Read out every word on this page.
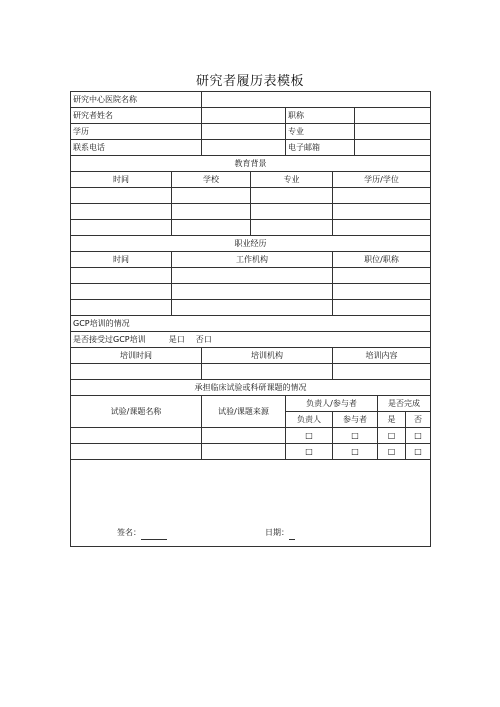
研究者履历表模板
研究中心医院名称								
研究者姓名				职称				
学历				专业				
联系电话				电子邮箱				
教育背景								
时间	学校		专业		学历/学位			

职业经历								
时间	工作机构				职位/职称			

GCP培训的情况								
是否接受过GCP培训 是口 否口								
培训时间		培训机构			培训内容			

承担临床试验或科研课题的情况								
试验/课题名称		试验/课题来源		负责人/参与者			是否完成	
				负责人	参与者		是	否
				□	□		□	□
				□	□		□	□

签名： 日期：								
